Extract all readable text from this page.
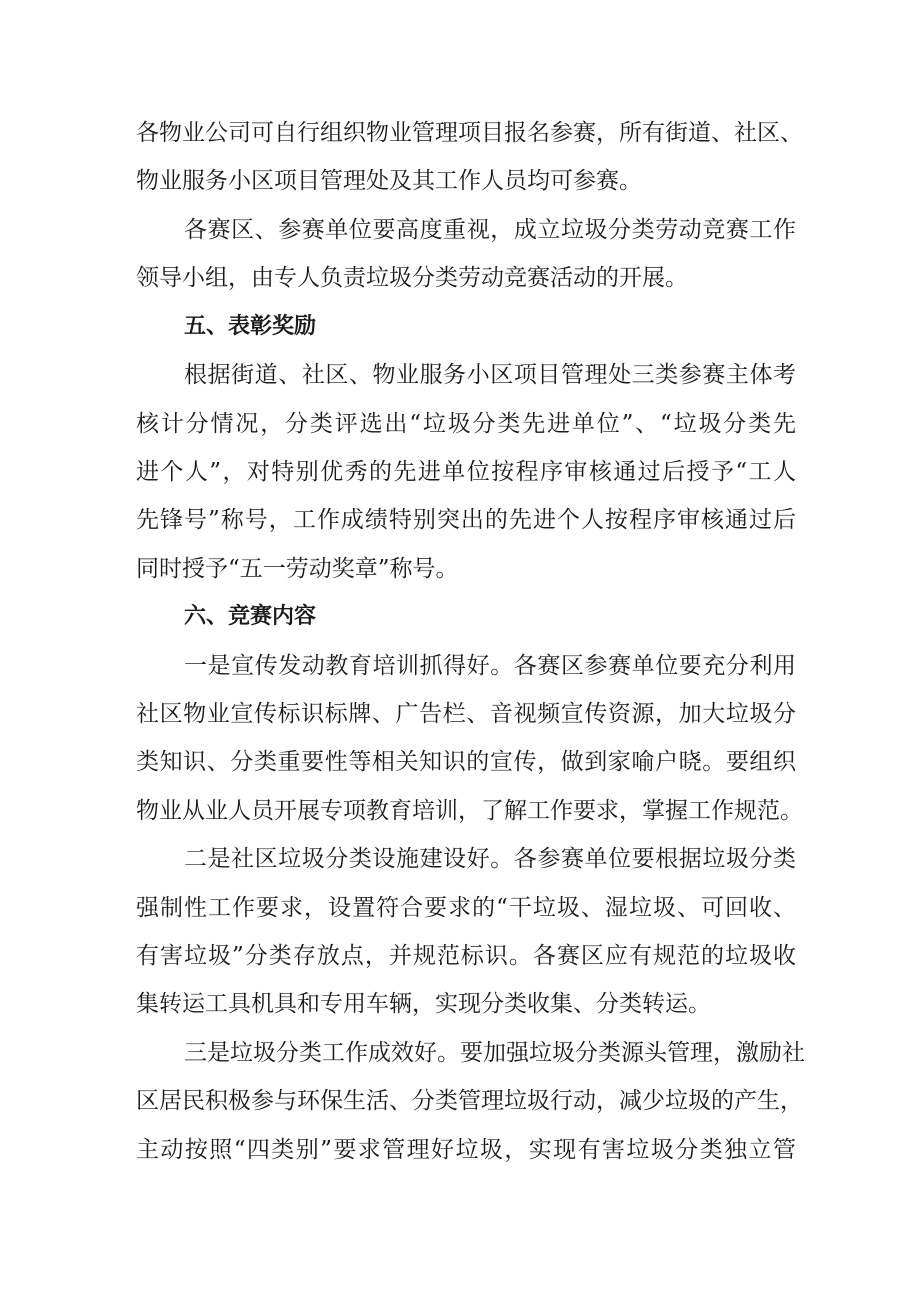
各物业公司可自行组织物业管理项目报名参赛，所有街道、社区、
物业服务小区项目管理处及其工作人员均可参赛。
各赛区、参赛单位要高度重视，成立垃圾分类劳动竞赛工作
领导小组，由专人负责垃圾分类劳动竞赛活动的开展。
五、表彰奖励
根据街道、社区、物业服务小区项目管理处三类参赛主体考
核计分情况，分类评选出“垃圾分类先进单位”、“垃圾分类先
进个人”，对特别优秀的先进单位按程序审核通过后授予“工人
先锋号”称号，工作成绩特别突出的先进个人按程序审核通过后
同时授予“五一劳动奖章”称号。
六、竞赛内容
一是宣传发动教育培训抓得好。各赛区参赛单位要充分利用
社区物业宣传标识标牌、广告栏、音视频宣传资源，加大垃圾分
类知识、分类重要性等相关知识的宣传，做到家喻户晓。要组织
物业从业人员开展专项教育培训，了解工作要求，掌握工作规范。
二是社区垃圾分类设施建设好。各参赛单位要根据垃圾分类
强制性工作要求，设置符合要求的“干垃圾、湿垃圾、可回收、
有害垃圾”分类存放点，并规范标识。各赛区应有规范的垃圾收
集转运工具机具和专用车辆，实现分类收集、分类转运。
三是垃圾分类工作成效好。要加强垃圾分类源头管理，激励社
区居民积极参与环保生活、分类管理垃圾行动，减少垃圾的产生，
主动按照“四类别”要求管理好垃圾，实现有害垃圾分类独立管
